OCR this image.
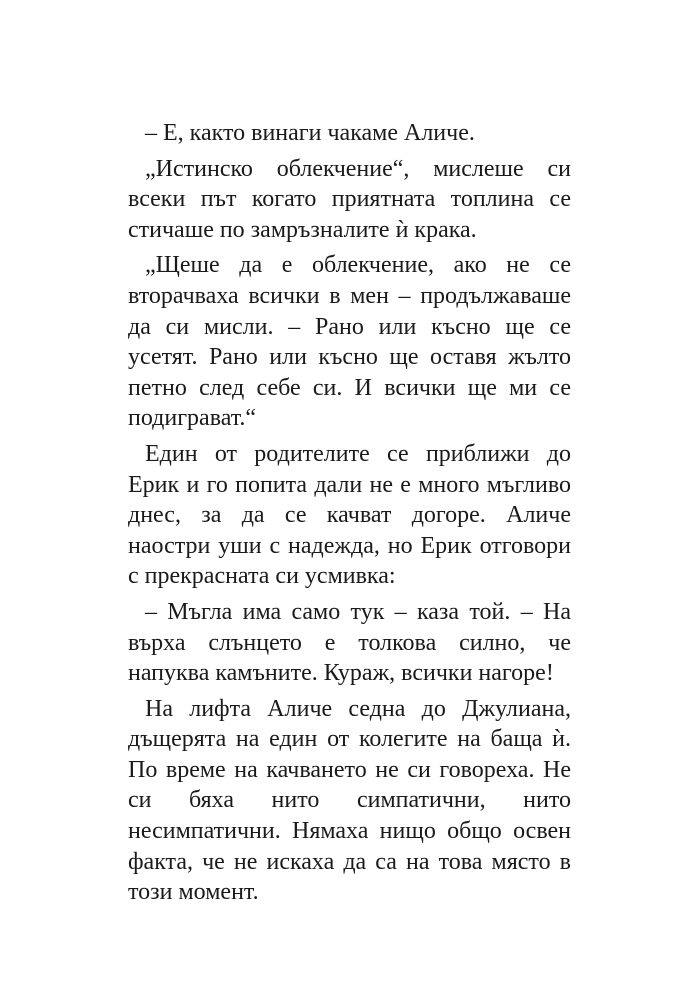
– Е, както винаги чакаме Аличе.

„Истинско облекчение“, мислеше си всеки път когато приятната топлина се стичаше по замръзналите ѝ крака.

„Щеше да е облекчение, ако не се вторачваха всички в мен – продължаваше да си мисли. – Рано или късно ще се усетят. Рано или късно ще оставя жълто петно след себе си. И всички ще ми се подиграват.“

Един от родителите се приближи до Ерик и го попита дали не е много мъгливо днес, за да се качват догоре. Аличе наостри уши с надежда, но Ерик отговори с прекрасната си усмивка:

– Мъгла има само тук – каза той. – На върха слънцето е толкова силно, че напуква камъните. Кураж, всички нагоре!

На лифта Аличе седна до Джулиана, дъщерята на един от колегите на баща ѝ. По време на качването не си говореха. Не си бяха нито симпатични, нито несимпатични. Нямаха нищо общо освен факта, че не искаха да са на това място в този момент.
